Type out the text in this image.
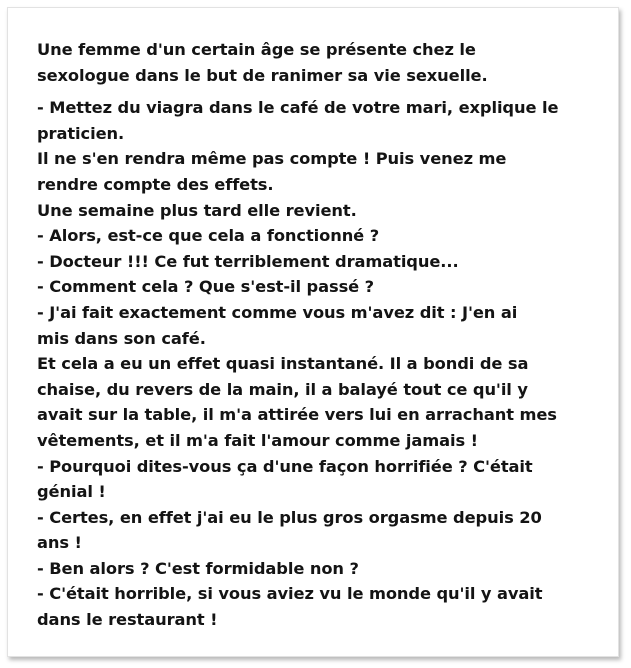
Une femme d'un certain âge se présente chez le
sexologue dans le but de ranimer sa vie sexuelle.

- Mettez du viagra dans le café de votre mari, explique le
praticien.
Il ne s'en rendra même pas compte ! Puis venez me
rendre compte des effets.
Une semaine plus tard elle revient.
- Alors, est-ce que cela a fonctionné ?
- Docteur !!! Ce fut terriblement dramatique...
- Comment cela ? Que s'est-il passé ?
- J'ai fait exactement comme vous m'avez dit : J'en ai
mis dans son café.
Et cela a eu un effet quasi instantané. Il a bondi de sa
chaise, du revers de la main, il a balayé tout ce qu'il y
avait sur la table, il m'a attirée vers lui en arrachant mes
vêtements, et il m'a fait l'amour comme jamais !
- Pourquoi dites-vous ça d'une façon horrifiée ? C'était
génial !
- Certes, en effet j'ai eu le plus gros orgasme depuis 20
ans !
- Ben alors ? C'est formidable non ?
- C'était horrible, si vous aviez vu le monde qu'il y avait
dans le restaurant !
